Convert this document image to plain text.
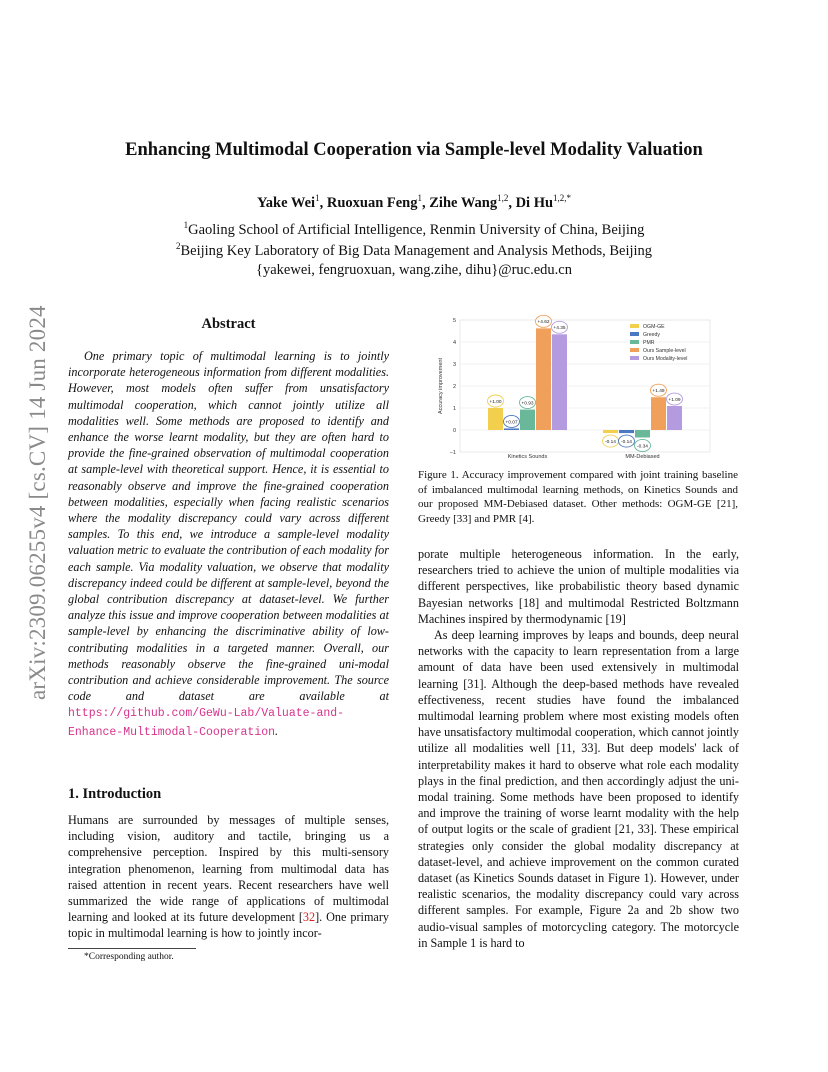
arXiv:2309.06255v4 [cs.CV] 14 Jun 2024
Enhancing Multimodal Cooperation via Sample-level Modality Valuation
Yake Wei$^1$, Ruoxuan Feng$^1$, Zihe Wang$^{1,2}$, Di $Hu^{1,2,*}$
$^1$Gaoling School of Artificial Intelligence, Renmin University of China, Beijing
$^2$Beijing Key Laboratory of Big Data Management and Analysis Methods, Beijing
{yakewei, fengruoxuan, wang.zihe, dihu}@ruc.edu.cn
Abstract
One primary topic of multimodal learning is to jointly incorporate heterogeneous information from different modalities. However, most models often suffer from unsatisfactory multimodal cooperation, which cannot jointly utilize all modalities well. Some methods are proposed to identify and enhance the worse learnt modality, but they are often hard to provide the fine-grained observation of multimodal cooperation at sample-level with theoretical support. Hence, it is essential to reasonably observe and improve the fine-grained cooperation between modalities, especially when facing realistic scenarios where the modality discrepancy could vary across different samples. To this end, we introduce a sample-level modality valuation metric to evaluate the contribution of each modality for each sample. Via modality valuation, we observe that modality discrepancy indeed could be different at sample-level, beyond the global contribution discrepancy at dataset-level. We further analyze this issue and improve cooperation between modalities at sample-level by enhancing the discriminative ability of low-contributing modalities in a targeted manner. Overall, our methods reasonably observe the fine-grained uni-modal contribution and achieve considerable improvement. The source code and dataset are available at https://github.com/GeWu-Lab/Valuate-and-Enhance-Multimodal-Cooperation.
1. Introduction
Humans are surrounded by messages of multiple senses, including vision, auditory and tactile, bringing us a comprehensive perception. Inspired by this multi-sensory integration phenomenon, learning from multimodal data has raised attention in recent years. Recent researchers have well summarized the wide range of applications of multimodal learning and looked at its future development [32]. One primary topic in multimodal learning is how to jointly incor-
*Corresponding author.
−1
0
1
2
3
4
5
Accuracy improvement	+1.00
+0.07
+0.93
+4.62
+4.35
Kinetics Sounds
-0.14 -0.14
-0.34
+1.49
+1.09
MM-Debiased
OGM-GE
Greedy
PMR
Ours Sample-level
Ours Modality-level
Figure 1. Accuracy improvement compared with joint training baseline of imbalanced multimodal learning methods, on Kinetics Sounds and our proposed MM-Debiased dataset. Other methods: OGM-GE [21], Greedy [33] and PMR [4].

porate multiple heterogeneous information. In the early, researchers tried to achieve the union of multiple modalities via different perspectives, like probabilistic theory based dynamic Bayesian networks [18] and multimodal Restricted Boltzmann Machines inspired by thermodynamic [19]

As deep learning improves by leaps and bounds, deep neural networks with the capacity to learn representation from a large amount of data have been used extensively in multimodal learning [31]. Although the deep-based methods have revealed effectiveness, recent studies have found the imbalanced multimodal learning problem where most existing models often have unsatisfactory multimodal cooperation, which cannot jointly utilize all modalities well [11, 33]. But deep models' lack of interpretability makes it hard to observe what role each modality plays in the final prediction, and then accordingly adjust the uni-modal training. Some methods have been proposed to identify and improve the training of worse learnt modality with the help of output logits or the scale of gradient [21, 33]. These empirical strategies only consider the global modality discrepancy at dataset-level, and achieve improvement on the common curated dataset (as Kinetics Sounds dataset in Figure 1). However, under realistic scenarios, the modality discrepancy could vary across different samples. For example, Figure 2a and 2b show two audio-visual samples of motorcycling category. The motorcycle in Sample 1 is hard to
